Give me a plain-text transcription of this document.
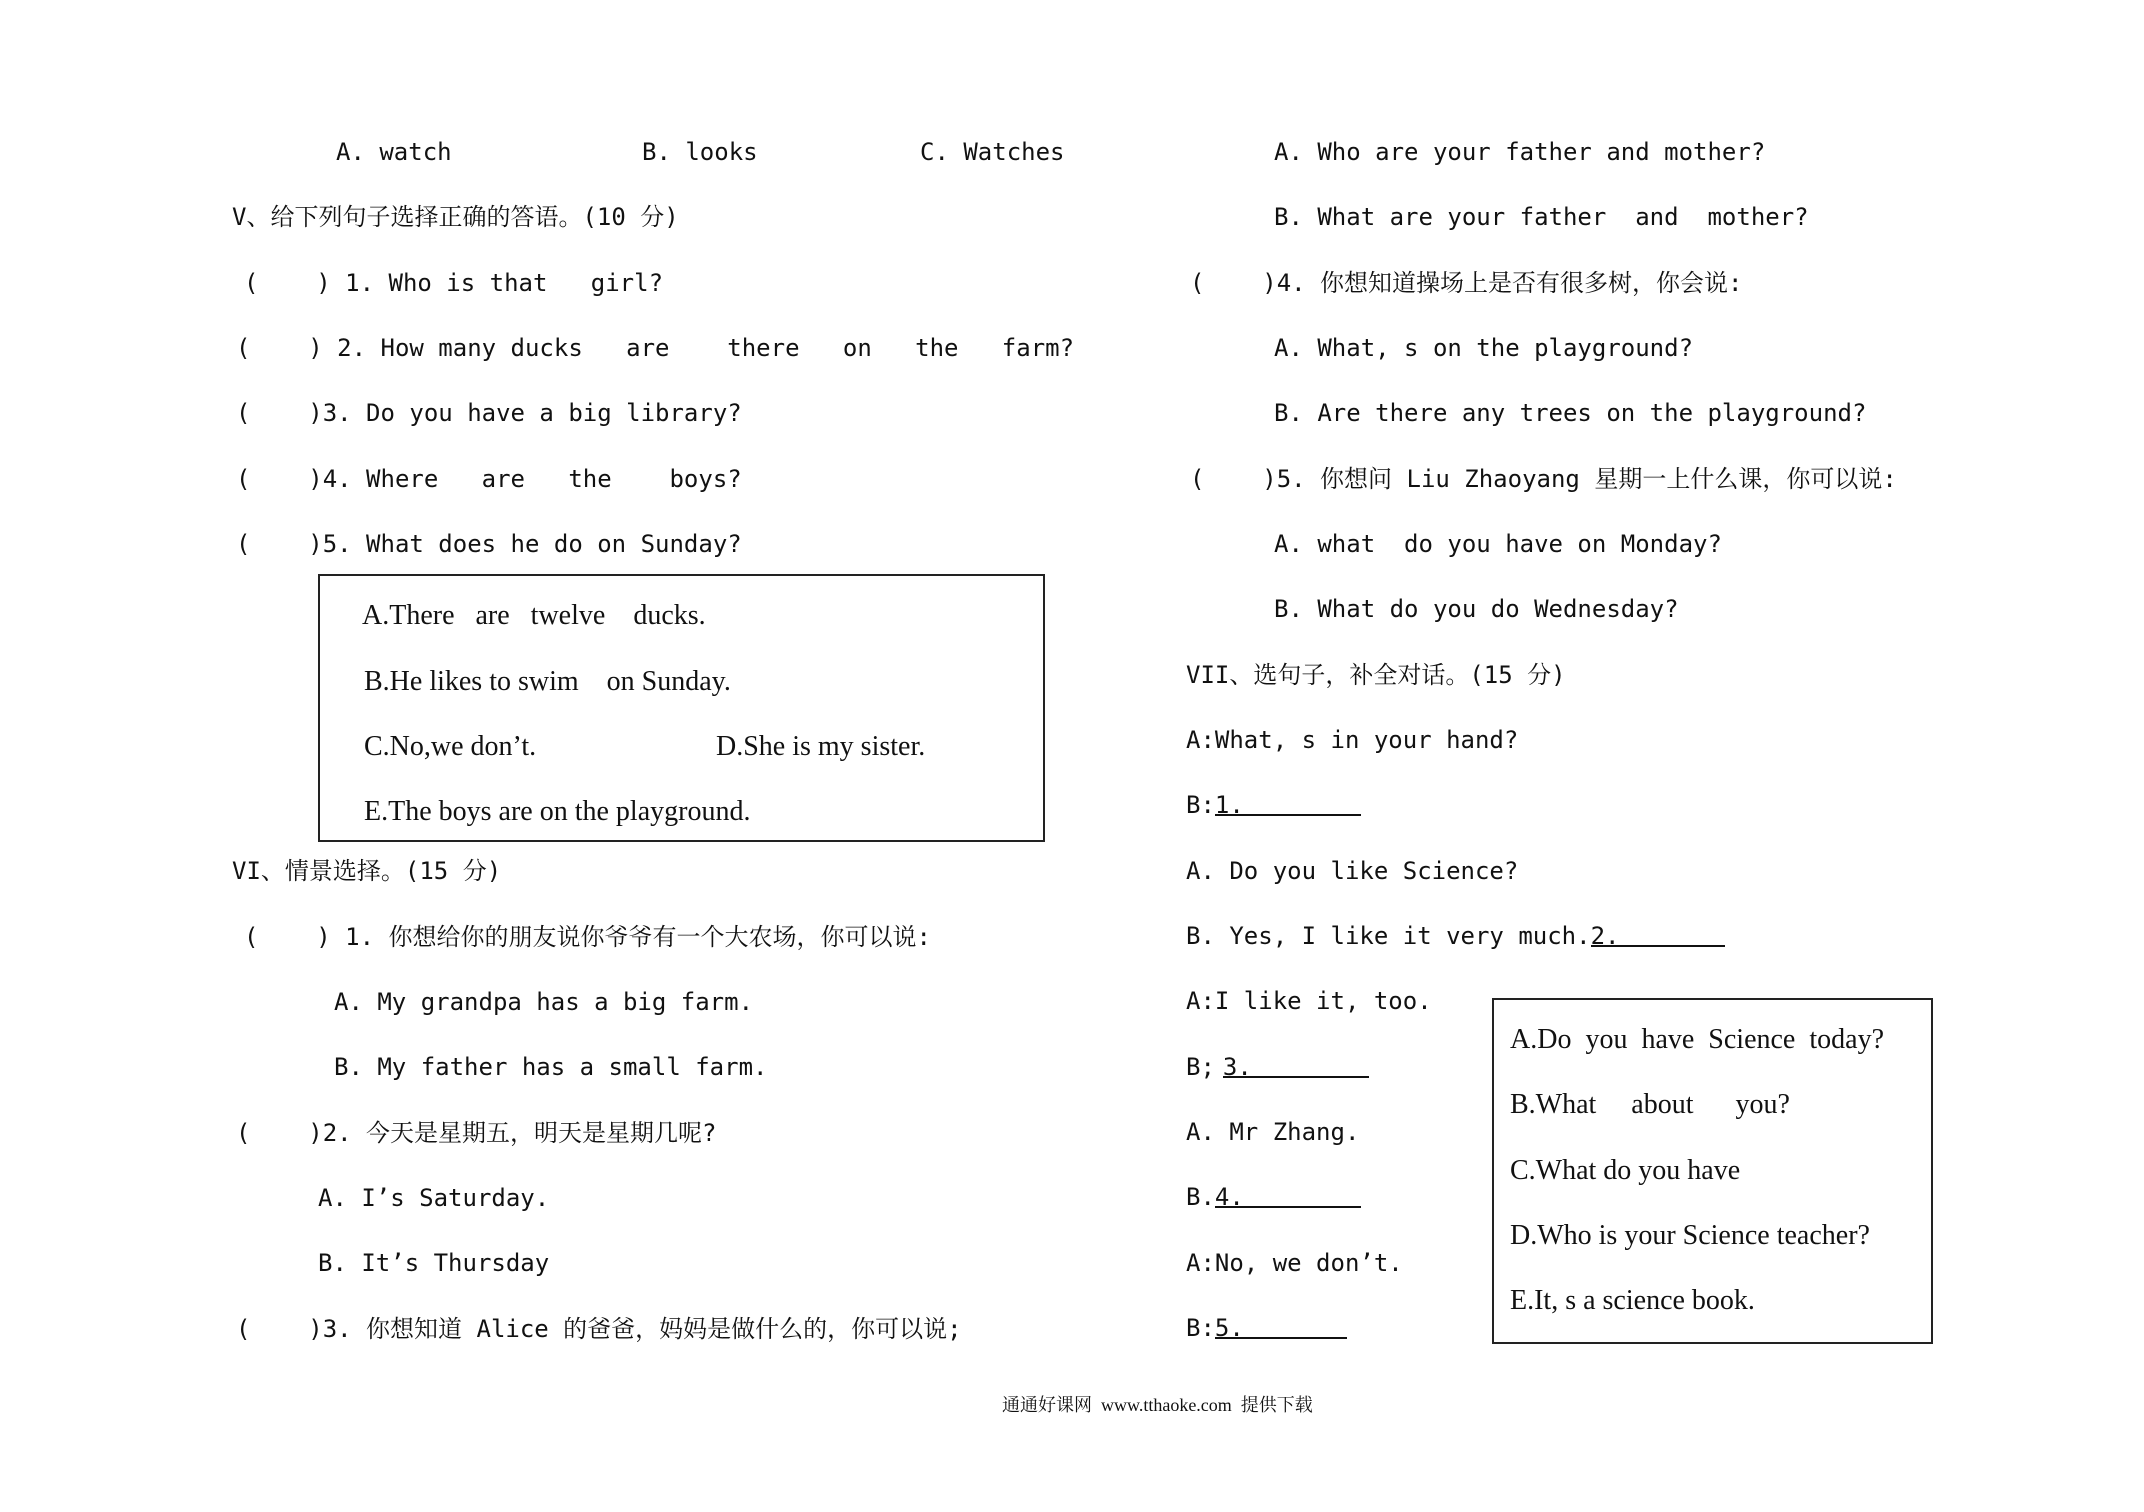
A. watch	B. looks	C. Watches
V、给下列句子选择正确的答语。(10 分)
(    ) 1. Who is that   girl?
(    ) 2. How many ducks   are    there   on   the   farm?
(    )3. Do you have a big library?
(    )4. Where   are   the    boys?
(    )5. What does he do on Sunday?
A.There   are   twelve    ducks.
B.He likes to swim    on Sunday.
C.No,we don’t.	D.She is my sister.
E.The boys are on the playground.
VI、情景选择。(15 分)
(    ) 1. 你想给你的朋友说你爷爷有一个大农场，你可以说:
A. My grandpa has a big farm.
B. My father has a small farm.
(    )2. 今天是星期五，明天是星期几呢?
A. I’s Saturday.
B. It’s Thursday
(    )3. 你想知道 Alice 的爸爸，妈妈是做什么的，你可以说;
A. Who are your father and mother?
B. What are your father  and  mother?
(    )4. 你想知道操场上是否有很多树，你会说:
A. What, s on the playground?
B. Are there any trees on the playground?
(    )5. 你想问 Liu Zhaoyang 星期一上什么课，你可以说:
A. what  do you have on Monday?
B. What do you do Wednesday?
VII、选句子，补全对话。(15 分)
A:What, s in your hand?
B:1.
A. Do you like Science?
B. Yes, I like it very much.2.
A:I like it, too.
B; 3.
A. Mr Zhang.
B.4.
A:No, we don’t.
B:5.
A.Do  you  have  Science  today?
B.What     about      you?
C.What do you have
D.Who is your Science teacher?
E.It, s a science book.
通通好课网  www.tthaoke.com  提供下载
